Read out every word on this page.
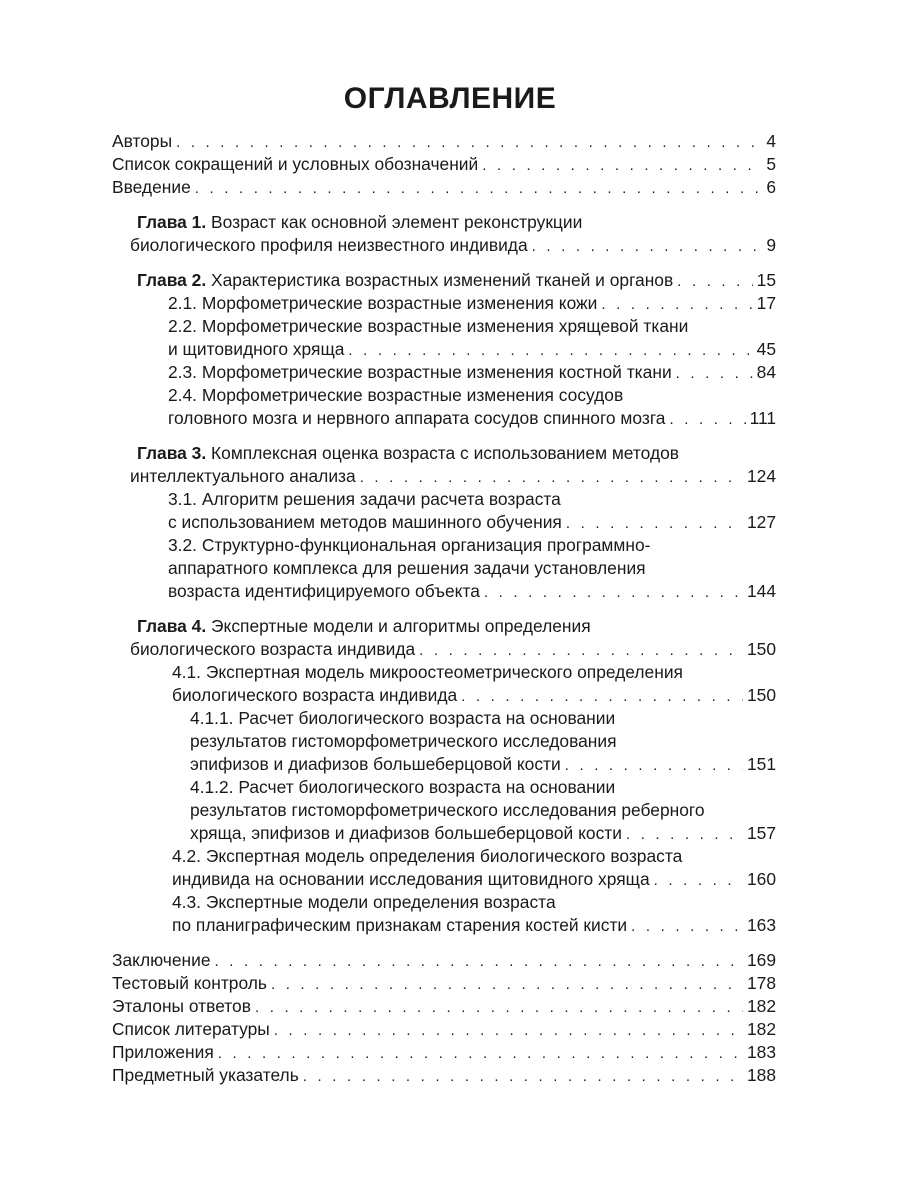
ОГЛАВЛЕНИЕ
Авторы . . .	4
Список сокращений и условных обозначений . . .	5
Введение . . .	6
Глава 1. Возраст как основной элемент реконструкции
биологического профиля неизвестного индивида . . .	9
Глава 2. Характеристика возрастных изменений тканей и органов . . .	15
2.1. Морфометрические возрастные изменения кожи . . .	17
2.2. Морфометрические возрастные изменения хрящевой ткани
и щитовидного хряща . . .	45
2.3. Морфометрические возрастные изменения костной ткани . . .	84
2.4. Морфометрические возрастные изменения сосудов
головного мозга и нервного аппарата сосудов спинного мозга . . .	111
Глава 3. Комплексная оценка возраста с использованием методов
интеллектуального анализа . . .	124
3.1. Алгоритм решения задачи расчета возраста
с использованием методов машинного обучения . . .	127
3.2. Структурно-функциональная организация программно-
аппаратного комплекса для решения задачи установления
возраста идентифицируемого объекта . . .	144
Глава 4. Экспертные модели и алгоритмы определения
биологического возраста индивида . . .	150
4.1. Экспертная модель микроостеометрического определения
биологического возраста индивида . . .	150
4.1.1. Расчет биологического возраста на основании
результатов гистоморфометрического исследования
эпифизов и диафизов большеберцовой кости . . .	151
4.1.2. Расчет биологического возраста на основании
результатов гистоморфометрического исследования реберного
хряща, эпифизов и диафизов большеберцовой кости . . .	157
4.2. Экспертная модель определения биологического возраста
индивида на основании исследования щитовидного хряща . . .	160
4.3. Экспертные модели определения возраста
по планиграфическим признакам старения костей кисти . . .	163
Заключение . . .	169
Тестовый контроль . . .	178
Эталоны ответов . . .	182
Список литературы . . .	182
Приложения . . .	183
Предметный указатель . . .	188
